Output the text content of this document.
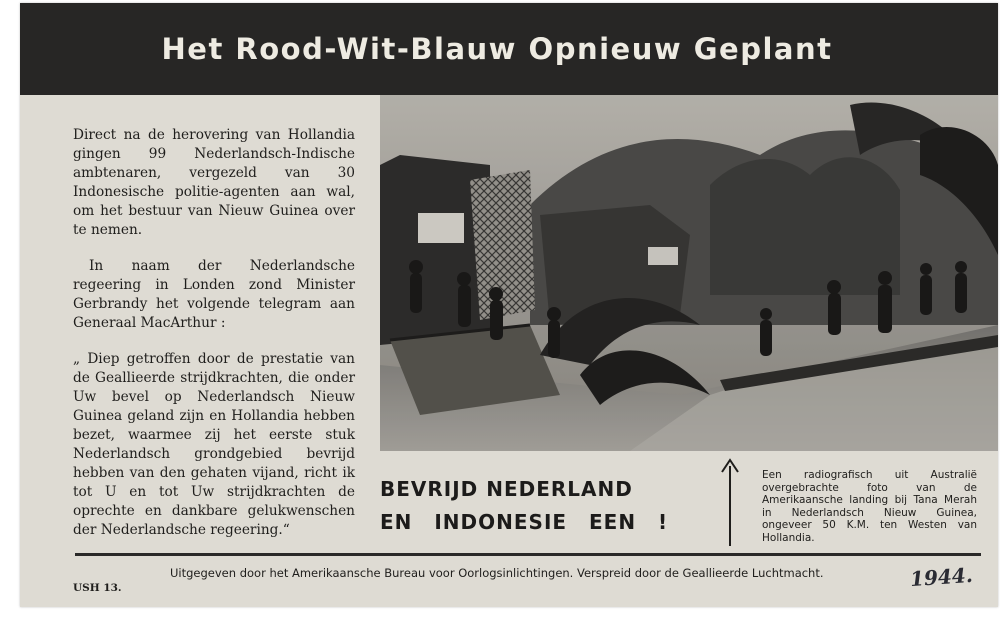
Het Rood-Wit-Blauw Opnieuw Geplant

Direct na de herovering van Hollandia gingen 99 Nederlandsch-Indische ambtenaren, vergezeld van 30 Indonesische politie-agenten aan wal, om het bestuur van Nieuw Guinea over te nemen.

In naam der Nederlandsche regeering in Londen zond Minister Gerbrandy het volgende telegram aan Generaal MacArthur :

„ Diep getroffen door de prestatie van de Geallieerde strijdkrachten, die onder Uw bevel op Nederlandsch Nieuw Guinea geland zijn en Hollandia hebben bezet, waarmee zij het eerste stuk Nederlandsch grondgebied bevrijd hebben van den gehaten vijand, richt ik tot U en tot Uw strijdkrachten de oprechte en dankbare gelukwenschen der Nederlandsche regeering.“

BEVRIJD NEDERLAND
EN INDONESIE EEN !
Een radiografisch uit Australië overgebrachte foto van de Amerikaansche landing bij Tana Merah in Nederlandsch Nieuw Guinea, ongeveer 50 K.M. ten Westen van Hollandia.
Uitgegeven door het Amerikaansche Bureau voor Oorlogsinlichtingen. Verspreid door de Geallieerde Luchtmacht.
USH 13.	1944.
